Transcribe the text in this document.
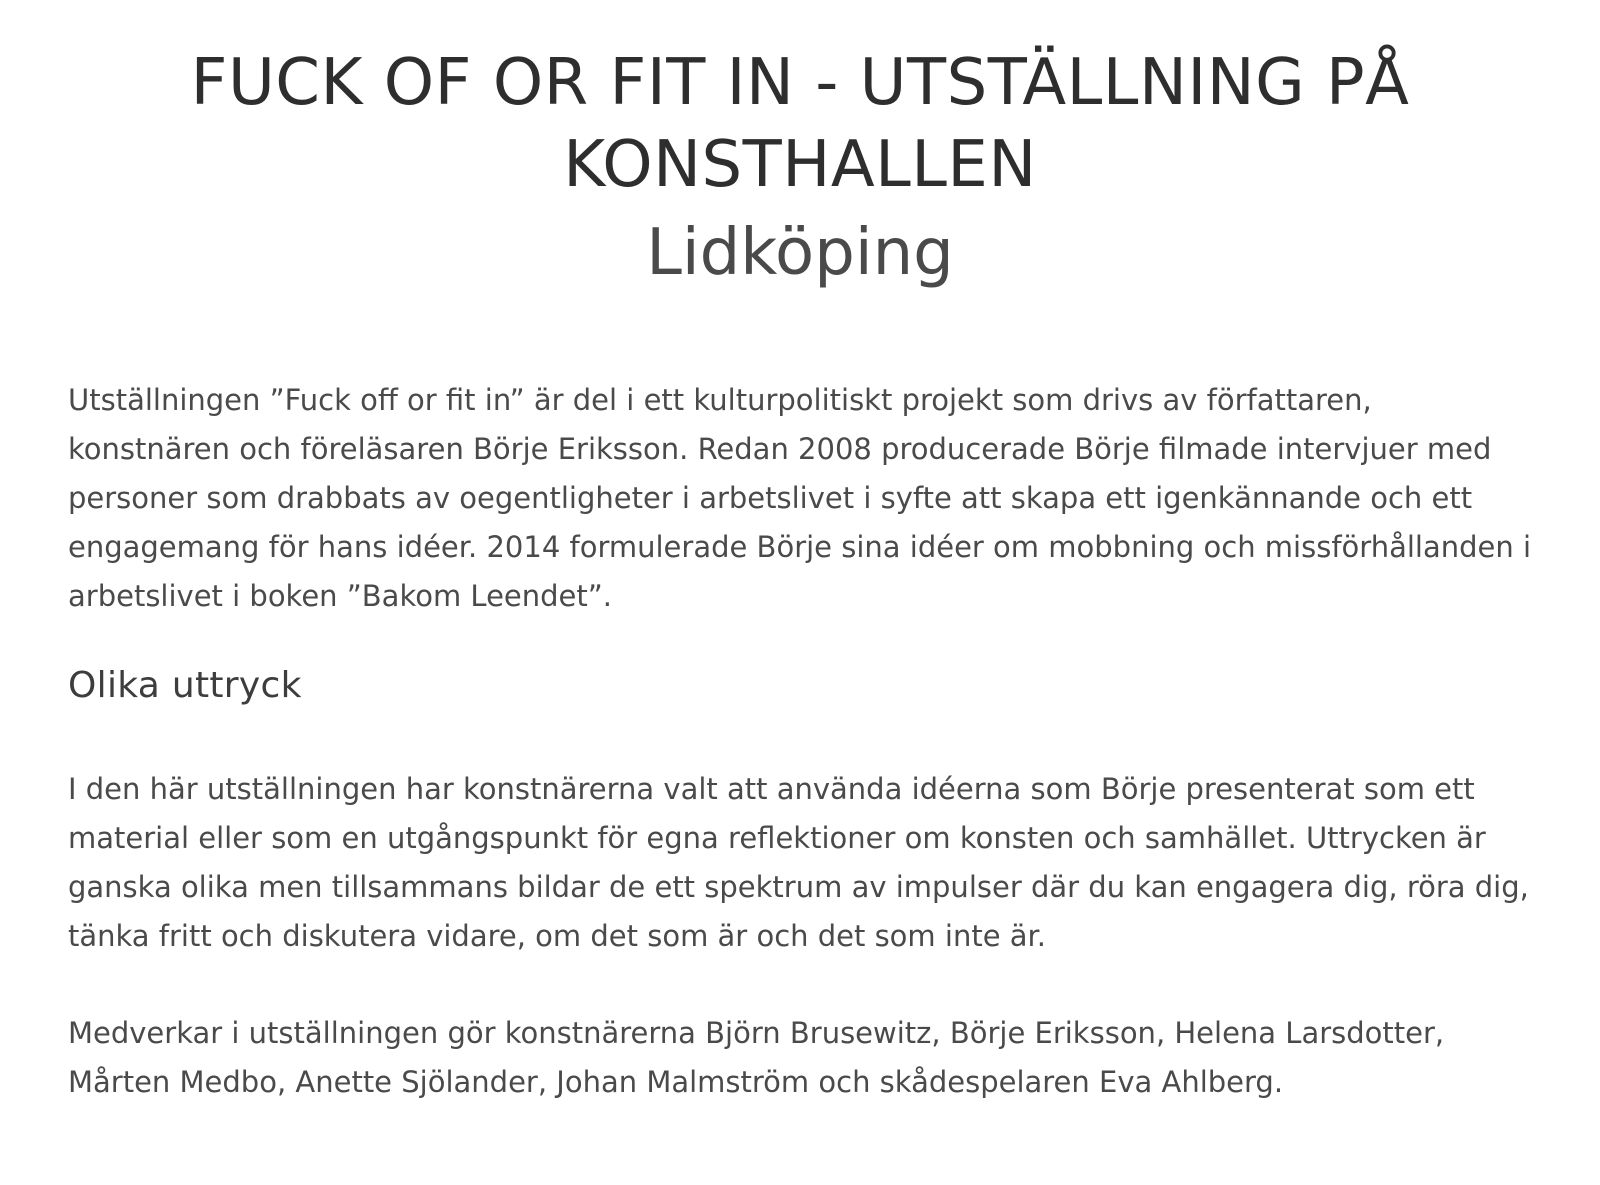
FUCK OF OR FIT IN - UTSTÄLLNING PÅ KONSTHALLEN
Lidköping

Utställningen ”Fuck off or fit in” är del i ett kulturpolitiskt projekt som drivs av författaren, konstnären och föreläsaren Börje Eriksson. Redan 2008 producerade Börje filmade intervjuer med personer som drabbats av oegentligheter i arbetslivet i syfte att skapa ett igenkännande och ett engagemang för hans idéer. 2014 formulerade Börje sina idéer om mobbning och missförhållanden i arbetslivet i boken ”Bakom Leendet”.

Olika uttryck

I den här utställningen har konstnärerna valt att använda idéerna som Börje presenterat som ett material eller som en utgångspunkt för egna reflektioner om konsten och samhället. Uttrycken är ganska olika men tillsammans bildar de ett spektrum av impulser där du kan engagera dig, röra dig, tänka fritt och diskutera vidare, om det som är och det som inte är.

Medverkar i utställningen gör konstnärerna Björn Brusewitz, Börje Eriksson, Helena Larsdotter, Mårten Medbo, Anette Sjölander, Johan Malmström och skådespelaren Eva Ahlberg.
